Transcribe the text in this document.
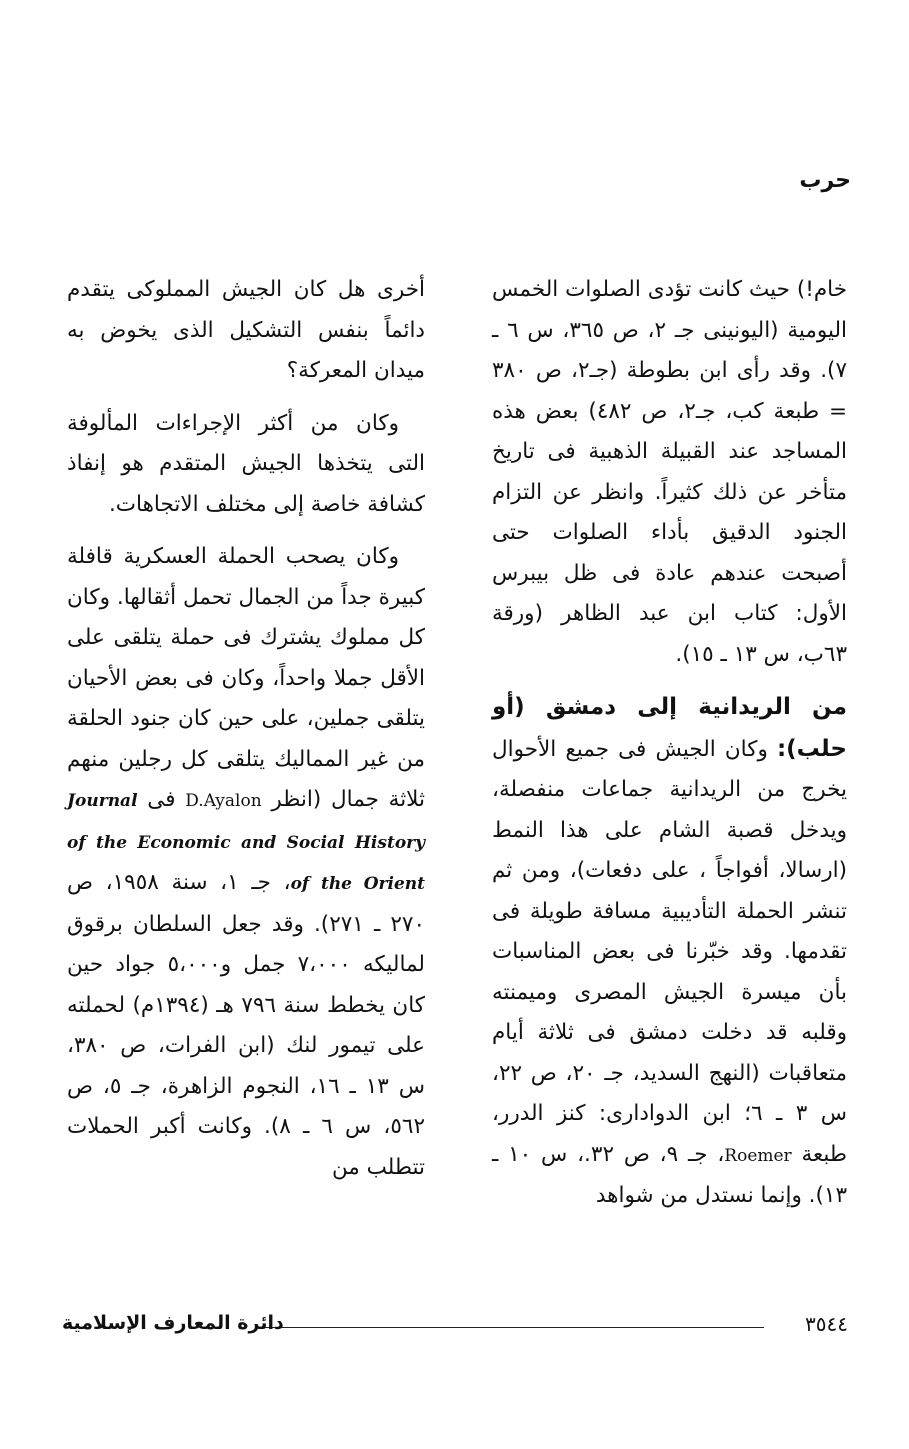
حرب

خام!) حيث كانت تؤدى الصلوات الخمس اليومية (اليونينى جـ ٢، ص ٣٦٥، س ٦ ـ ٧). وقد رأى ابن بطوطة (جـ٢، ص ٣٨٠ = طبعة كب، جـ٢، ص ٤٨٢) بعض هذه المساجد عند القبيلة الذهبية فى تاريخ متأخر عن ذلك كثيراً. وانظر عن التزام الجنود الدقيق بأداء الصلوات حتى أصبحت عندهم عادة فى ظل بيبرس الأول: كتاب ابن عبد الظاهر (ورقة ٦٣ب، س ١٣ ـ ١٥).

من الريدانية إلى دمشق (أو حلب): وكان الجيش فى جميع الأحوال يخرج من الريدانية جماعات منفصلة، ويدخل قصبة الشام على هذا النمط (ارسالا، أفواجاً ، على دفعات)، ومن ثم تنشر الحملة التأديبية مسافة طويلة فى تقدمها. وقد خبّرنا فى بعض المناسبات بأن ميسرة الجيش المصرى وميمنته وقلبه قد دخلت دمشق فى ثلاثة أيام متعاقبات (النهج السديد، جـ ٢٠، ص ٢٢، س ٣ ـ ٦؛ ابن الدوادارى: كنز الدرر، طبعة Roemer، جـ ٩، ص ٣٢.، س ١٠ ـ ١٣). وإنما نستدل من شواهد

أخرى هل كان الجيش المملوكى يتقدم دائماً بنفس التشكيل الذى يخوض به ميدان المعركة؟

وكان من أكثر الإجراءات المألوفة التى يتخذها الجيش المتقدم هو إنفاذ كشافة خاصة إلى مختلف الاتجاهات.

وكان يصحب الحملة العسكرية قافلة كبيرة جداً من الجمال تحمل أثقالها. وكان كل مملوك يشترك فى حملة يتلقى على الأقل جملا واحداً، وكان فى بعض الأحيان يتلقى جملين، على حين كان جنود الحلقة من غير المماليك يتلقى كل رجلين منهم ثلاثة جمال (انظر D.Ayalon فى Journal of the Economic and Social History of the Orient، جـ ١، سنة ١٩٥٨، ص ٢٧٠ ـ ٢٧١). وقد جعل السلطان برقوق لماليكه ٧،٠٠٠ جمل و٥،٠٠٠ جواد حين كان يخطط سنة ٧٩٦ هـ (١٣٩٤م) لحملته على تيمور لنك (ابن الفرات، ص ٣٨٠، س ١٣ ـ ١٦، النجوم الزاهرة، جـ ٥، ص ٥٦٢، س ٦ ـ ٨). وكانت أكبر الحملات تتطلب من

٣٥٤٤
دائرة المعارف الإسلامية
